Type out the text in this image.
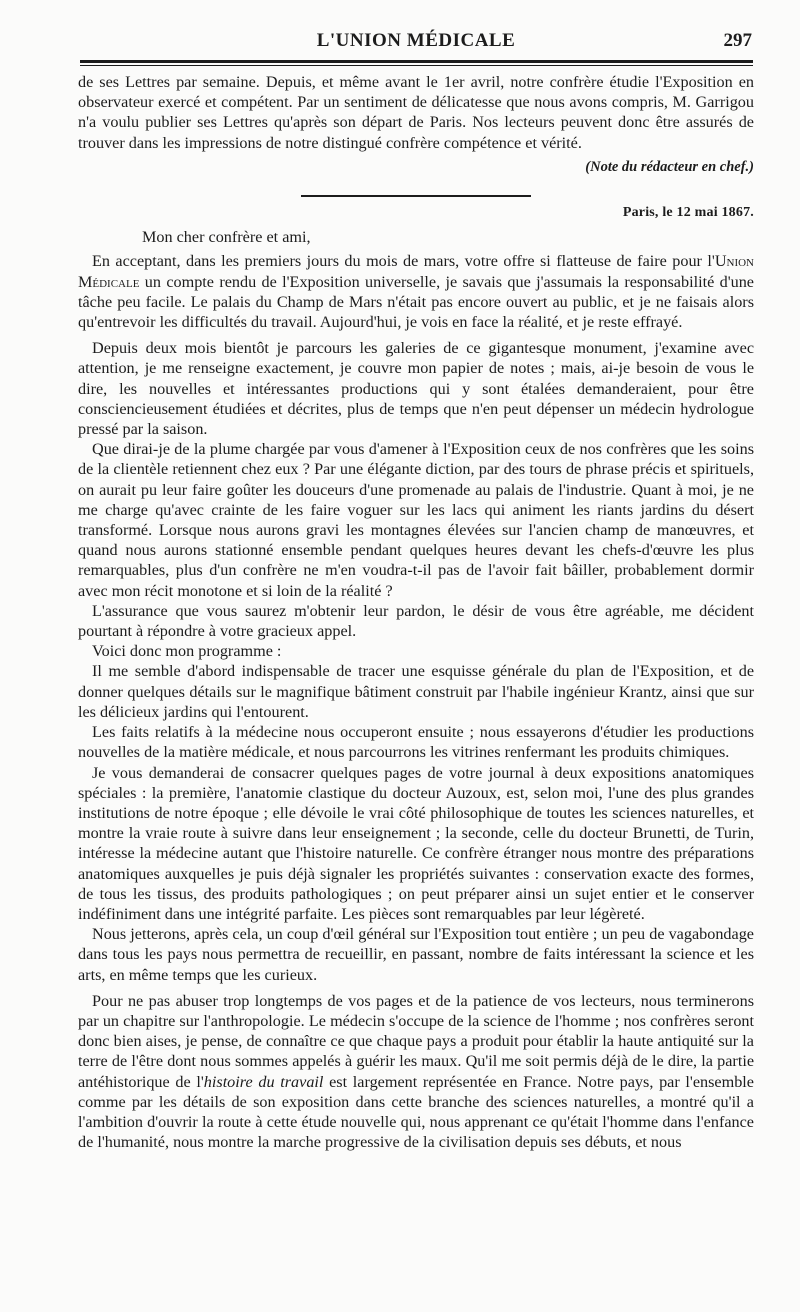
L'UNION MÉDICALE	297

de ses Lettres par semaine. Depuis, et même avant le 1er avril, notre confrère étudie l'Exposition en observateur exercé et compétent. Par un sentiment de délicatesse que nous avons compris, M. Garrigou n'a voulu publier ses Lettres qu'après son départ de Paris. Nos lecteurs peuvent donc être assurés de trouver dans les impressions de notre distingué confrère compétence et vérité.

(Note du rédacteur en chef.)

Paris, le 12 mai 1867.

Mon cher confrère et ami,

En acceptant, dans les premiers jours du mois de mars, votre offre si flatteuse de faire pour l'Union Médicale un compte rendu de l'Exposition universelle, je savais que j'assumais la responsabilité d'une tâche peu facile. Le palais du Champ de Mars n'était pas encore ouvert au public, et je ne faisais alors qu'entrevoir les difficultés du travail. Aujourd'hui, je vois en face la réalité, et je reste effrayé.

Depuis deux mois bientôt je parcours les galeries de ce gigantesque monument, j'examine avec attention, je me renseigne exactement, je couvre mon papier de notes ; mais, ai-je besoin de vous le dire, les nouvelles et intéressantes productions qui y sont étalées demanderaient, pour être consciencieusement étudiées et décrites, plus de temps que n'en peut dépenser un médecin hydrologue pressé par la saison.

Que dirai-je de la plume chargée par vous d'amener à l'Exposition ceux de nos confrères que les soins de la clientèle retiennent chez eux ? Par une élégante diction, par des tours de phrase précis et spirituels, on aurait pu leur faire goûter les douceurs d'une promenade au palais de l'industrie. Quant à moi, je ne me charge qu'avec crainte de les faire voguer sur les lacs qui animent les riants jardins du désert transformé. Lorsque nous aurons gravi les montagnes élevées sur l'ancien champ de manœuvres, et quand nous aurons stationné ensemble pendant quelques heures devant les chefs-d'œuvre les plus remarquables, plus d'un confrère ne m'en voudra-t-il pas de l'avoir fait bâiller, probablement dormir avec mon récit monotone et si loin de la réalité ?

L'assurance que vous saurez m'obtenir leur pardon, le désir de vous être agréable, me décident pourtant à répondre à votre gracieux appel.

Voici donc mon programme :

Il me semble d'abord indispensable de tracer une esquisse générale du plan de l'Exposition, et de donner quelques détails sur le magnifique bâtiment construit par l'habile ingénieur Krantz, ainsi que sur les délicieux jardins qui l'entourent.

Les faits relatifs à la médecine nous occuperont ensuite ; nous essayerons d'étudier les productions nouvelles de la matière médicale, et nous parcourrons les vitrines renfermant les produits chimiques.

Je vous demanderai de consacrer quelques pages de votre journal à deux expositions anatomiques spéciales : la première, l'anatomie clastique du docteur Auzoux, est, selon moi, l'une des plus grandes institutions de notre époque ; elle dévoile le vrai côté philosophique de toutes les sciences naturelles, et montre la vraie route à suivre dans leur enseignement ; la seconde, celle du docteur Brunetti, de Turin, intéresse la médecine autant que l'histoire naturelle. Ce confrère étranger nous montre des préparations anatomiques auxquelles je puis déjà signaler les propriétés suivantes : conservation exacte des formes, de tous les tissus, des produits pathologiques ; on peut préparer ainsi un sujet entier et le conserver indéfiniment dans une intégrité parfaite. Les pièces sont remarquables par leur légèreté.

Nous jetterons, après cela, un coup d'œil général sur l'Exposition tout entière ; un peu de vagabondage dans tous les pays nous permettra de recueillir, en passant, nombre de faits intéressant la science et les arts, en même temps que les curieux.

Pour ne pas abuser trop longtemps de vos pages et de la patience de vos lecteurs, nous terminerons par un chapitre sur l'anthropologie. Le médecin s'occupe de la science de l'homme ; nos confrères seront donc bien aises, je pense, de connaître ce que chaque pays a produit pour établir la haute antiquité sur la terre de l'être dont nous sommes appelés à guérir les maux. Qu'il me soit permis déjà de le dire, la partie antéhistorique de l'histoire du travail est largement représentée en France. Notre pays, par l'ensemble comme par les détails de son exposition dans cette branche des sciences naturelles, a montré qu'il a l'ambition d'ouvrir la route à cette étude nouvelle qui, nous apprenant ce qu'était l'homme dans l'enfance de l'humanité, nous montre la marche progressive de la civilisation depuis ses débuts, et nous
